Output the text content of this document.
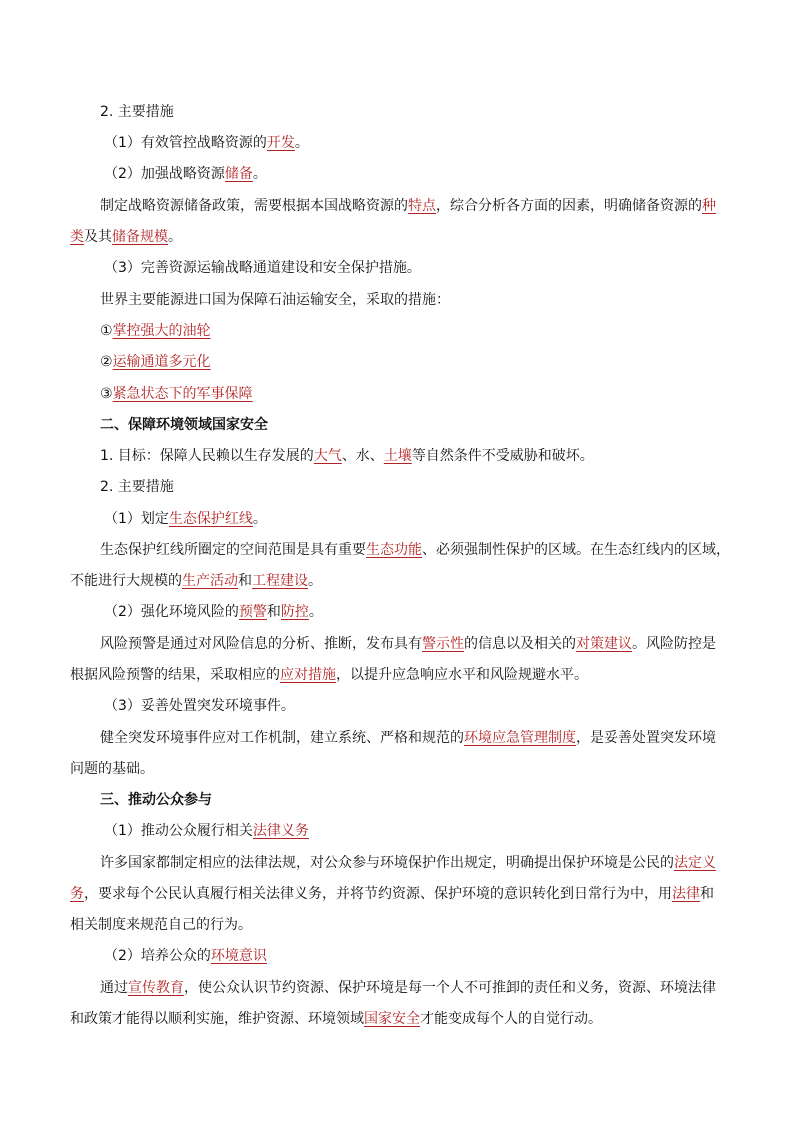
2. 主要措施
（1）有效管控战略资源的开发。
（2）加强战略资源储备。
制定战略资源储备政策，需要根据本国战略资源的特点，综合分析各方面的因素，明确储备资源的种
类及其储备规模。
（3）完善资源运输战略通道建设和安全保护措施。
世界主要能源进口国为保障石油运输安全，采取的措施：
①掌控强大的油轮
②运输通道多元化
③紧急状态下的军事保障
二、保障环境领域国家安全
1. 目标：保障人民赖以生存发展的大气、水、土壤等自然条件不受威胁和破坏。
2. 主要措施
（1）划定生态保护红线。
生态保护红线所圈定的空间范围是具有重要生态功能、必须强制性保护的区域。在生态红线内的区域，
不能进行大规模的生产活动和工程建设。
（2）强化环境风险的预警和防控。
风险预警是通过对风险信息的分析、推断，发布具有警示性的信息以及相关的对策建议。风险防控是
根据风险预警的结果，采取相应的应对措施，以提升应急响应水平和风险规避水平。
（3）妥善处置突发环境事件。
健全突发环境事件应对工作机制，建立系统、严格和规范的环境应急管理制度，是妥善处置突发环境
问题的基础。
三、推动公众参与
（1）推动公众履行相关法律义务
许多国家都制定相应的法律法规，对公众参与环境保护作出规定，明确提出保护环境是公民的法定义
务，要求每个公民认真履行相关法律义务，并将节约资源、保护环境的意识转化到日常行为中，用法律和
相关制度来规范自己的行为。
（2）培养公众的环境意识
通过宣传教育，使公众认识节约资源、保护环境是每一个人不可推卸的责任和义务，资源、环境法律
和政策才能得以顺利实施，维护资源、环境领域国家安全才能变成每个人的自觉行动。
